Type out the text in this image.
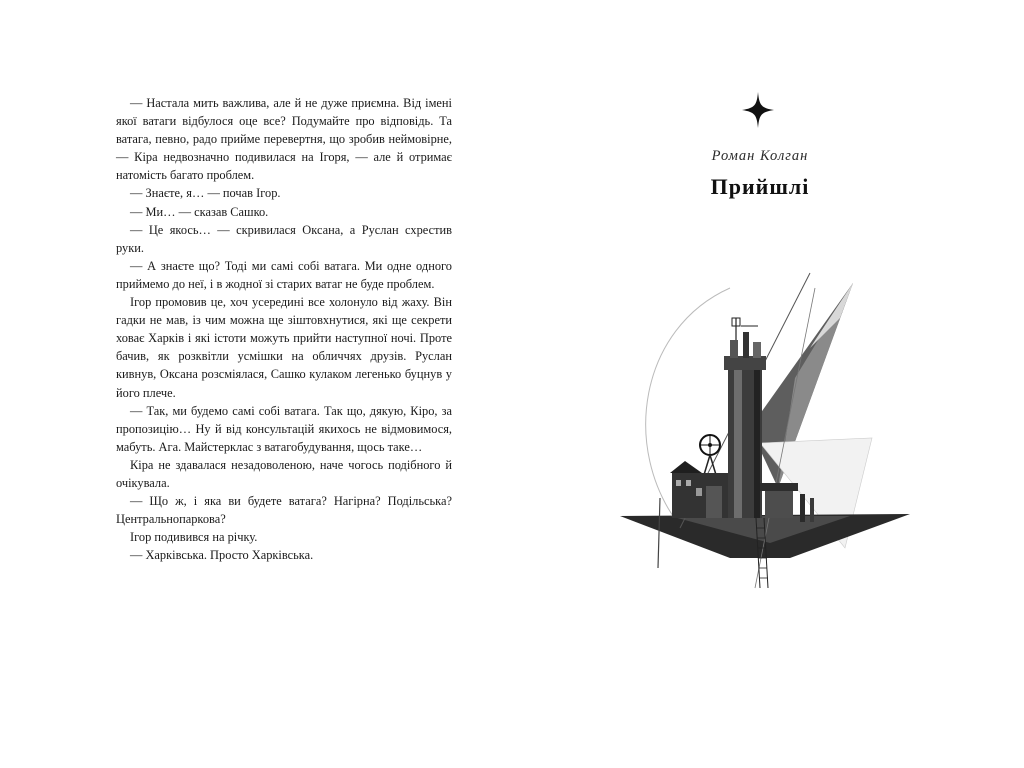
— Настала мить важлива, але й не дуже приємна. Від імені якої ватаги відбулося оце все? Подумайте про відповідь. Та ватага, певно, радо прийме перевертня, що зробив неймовірне, — Кіра недвозначно подивилася на Ігоря, — але й отримає натомість багато проблем.

— Знаєте, я… — почав Ігор.

— Ми… — сказав Сашко.

— Це якось… — скривилася Оксана, а Руслан схрестив руки.

— А знаєте що? Тоді ми самі собі ватага. Ми одне одного приймемо до неї, і в жодної зі старих ватаг не буде проблем.

Ігор промовив це, хоч усередині все холонуло від жаху. Він гадки не мав, із чим можна ще зіштовхнутися, які ще секрети ховає Харків і які істоти можуть прийти наступної ночі. Проте бачив, як розквітли усмішки на обличчях друзів. Руслан кивнув, Оксана розсміялася, Сашко кулаком легенько буцнув у його плече.

— Так, ми будемо самі собі ватага. Так що, дякую, Кіро, за пропозицію… Ну й від консультацій якихось не відмовимося, мабуть. Ага. Майстерклас з ватагобудування, щось таке…

Кіра не здавалася незадоволеною, наче чогось подібного й очікувала.

— Що ж, і яка ви будете ватага? Нагірна? Подільська? Центральнопаркова?

Ігор подивився на річку.

— Харківська. Просто Харківська.

Роман Колган
Прийшлі
